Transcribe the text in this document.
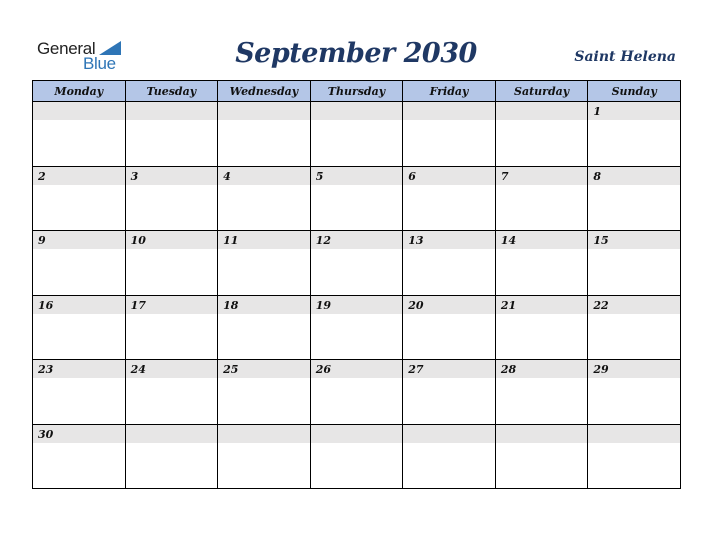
General
Blue	September 2030	Saint Helena
Monday	Tuesday	Wednesday	Thursday	Friday	Saturday	Sunday

						1

2	3	4	5	6	7	8

9	10	11	12	13	14	15

16	17	18	19	20	21	22

23	24	25	26	27	28	29

30						
